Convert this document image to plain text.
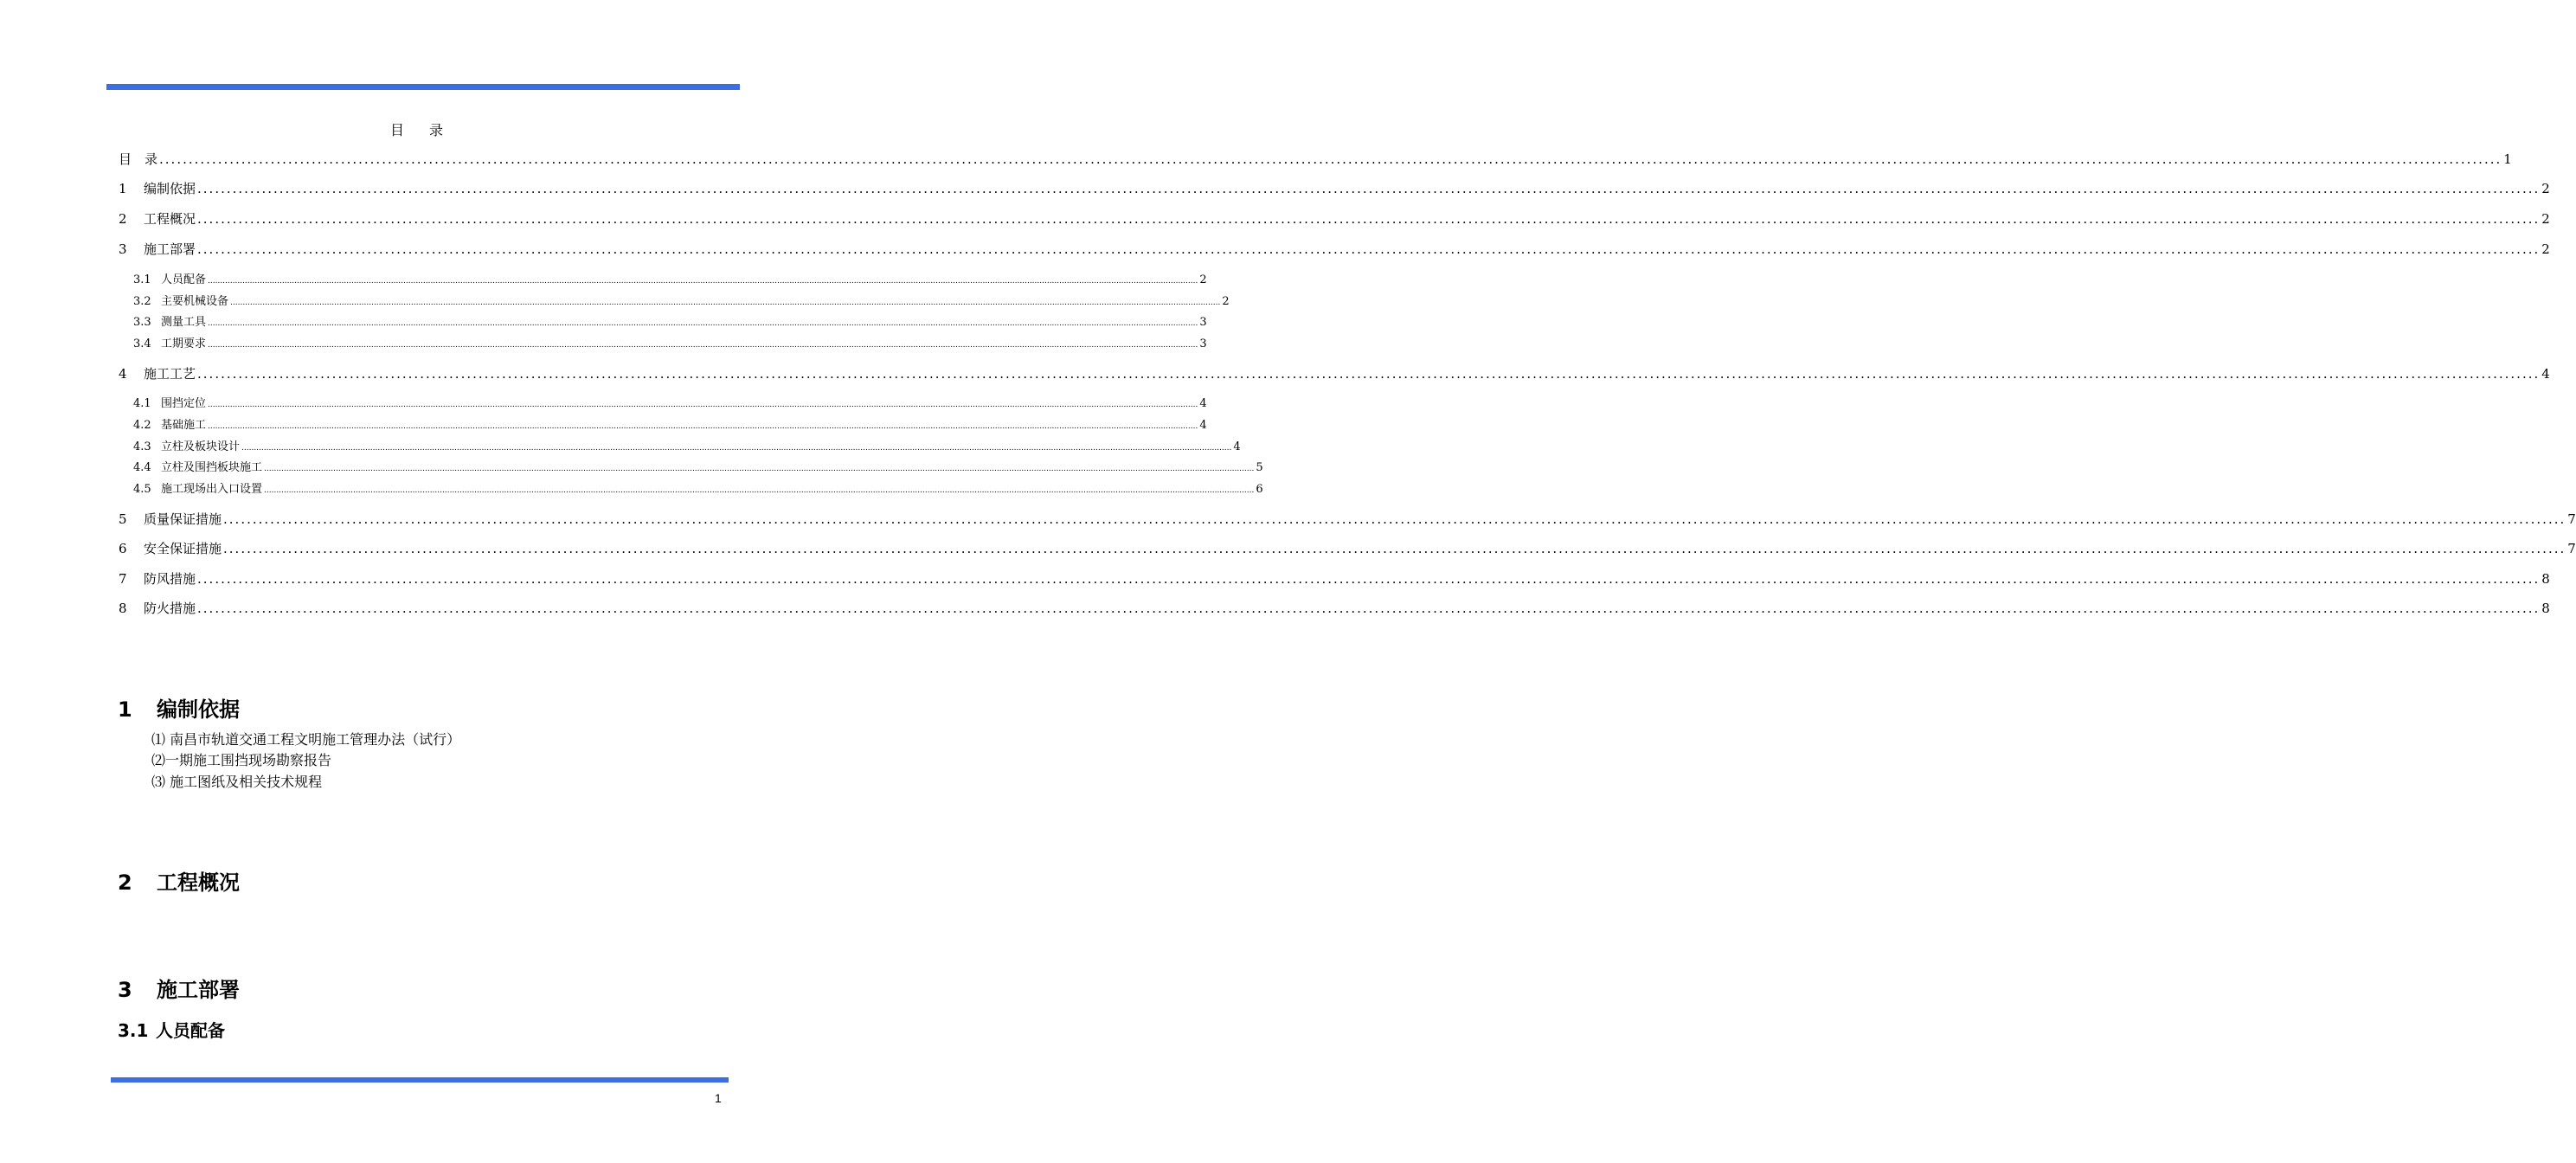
目 录
目　录 ................................................................................................................................................................................................................................................................................................................................................................................................................ 1
1 编制依据 ................................................................................................................................................................................................................................................................................................................................................................................................................ 2
2 工程概况 ................................................................................................................................................................................................................................................................................................................................................................................................................ 2
3 施工部署 ................................................................................................................................................................................................................................................................................................................................................................................................................ 2
3.1 人员配备 ................................................................................................................................................................................................................................................................................................................................................................................................................ 2
3.2 主要机械设备 ................................................................................................................................................................................................................................................................................................................................................................................................................ 2
3.3 测量工具 ................................................................................................................................................................................................................................................................................................................................................................................................................ 3
3.4 工期要求 ................................................................................................................................................................................................................................................................................................................................................................................................................ 3
4 施工工艺 ................................................................................................................................................................................................................................................................................................................................................................................................................ 4
4.1 围挡定位 ................................................................................................................................................................................................................................................................................................................................................................................................................ 4
4.2 基础施工 ................................................................................................................................................................................................................................................................................................................................................................................................................ 4
4.3 立柱及板块设计 ................................................................................................................................................................................................................................................................................................................................................................................................................ 4
4.4 立柱及围挡板块施工 ................................................................................................................................................................................................................................................................................................................................................................................................................ 5
4.5 施工现场出入口设置 ................................................................................................................................................................................................................................................................................................................................................................................................................ 6
5 质量保证措施 ................................................................................................................................................................................................................................................................................................................................................................................................................ 7
6 安全保证措施 ................................................................................................................................................................................................................................................................................................................................................................................................................ 7
7 防风措施 ................................................................................................................................................................................................................................................................................................................................................................................................................ 8
8 防火措施 ................................................................................................................................................................................................................................................................................................................................................................................................................ 8
1 编制依据
⑴ 南昌市轨道交通工程文明施工管理办法（试行）
⑵一期施工围挡现场勘察报告
⑶ 施工图纸及相关技术规程
2 工程概况
3 施工部署
3.1 人员配备
1
